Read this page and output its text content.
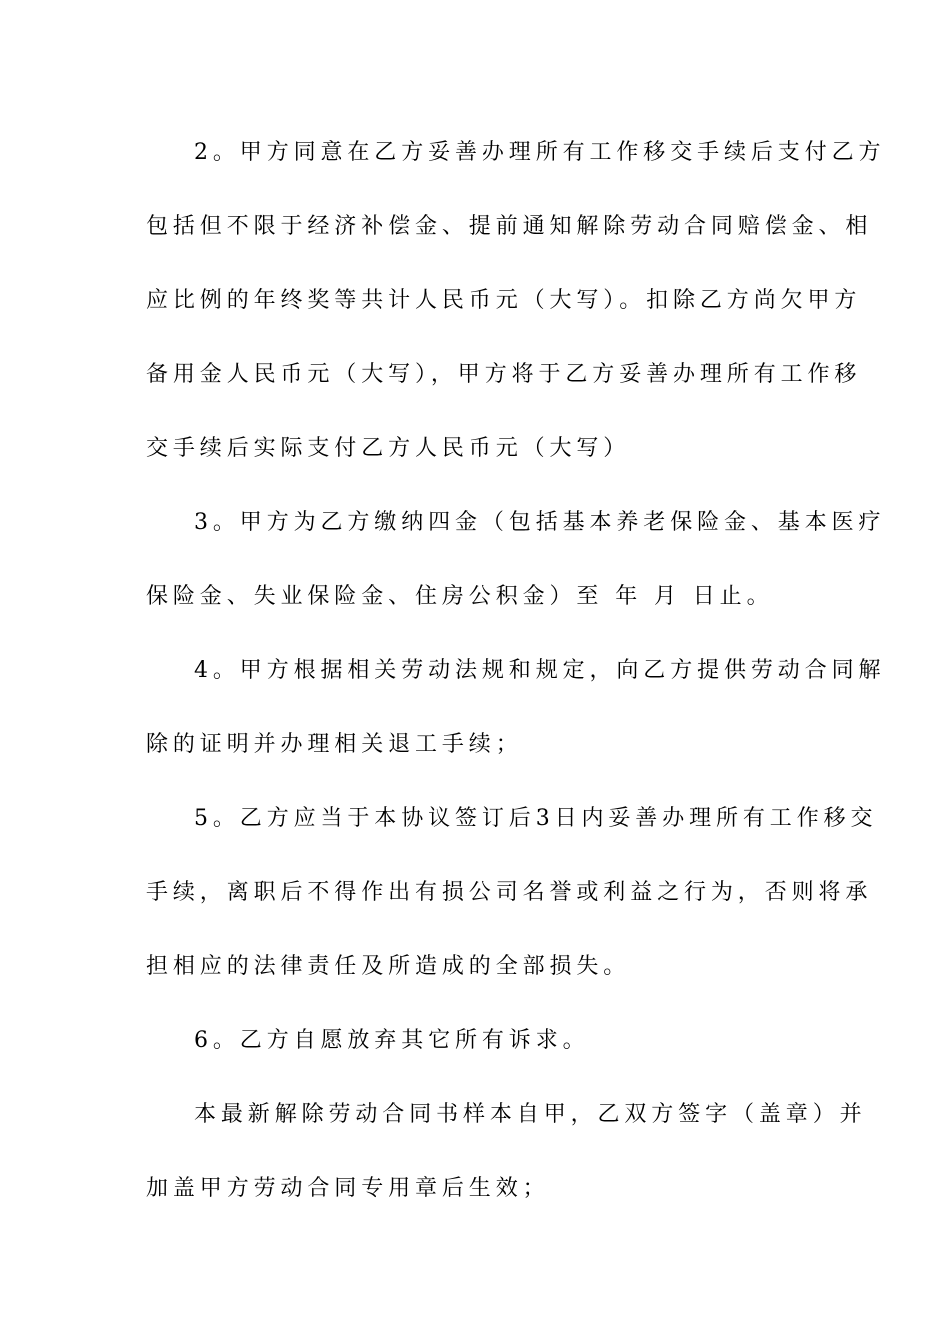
2。甲方同意在乙方妥善办理所有工作移交手续后支付乙方
包括但不限于经济补偿金、提前通知解除劳动合同赔偿金、相
应比例的年终奖等共计人民币元（大写）。扣除乙方尚欠甲方
备用金人民币元（大写），甲方将于乙方妥善办理所有工作移
交手续后实际支付乙方人民币元（大写）
3。甲方为乙方缴纳四金（包括基本养老保险金、基本医疗
保险金、失业保险金、住房公积金）至 年 月 日止。
4。甲方根据相关劳动法规和规定，向乙方提供劳动合同解
除的证明并办理相关退工手续；
5。乙方应当于本协议签订后3日内妥善办理所有工作移交
手续，离职后不得作出有损公司名誉或利益之行为，否则将承
担相应的法律责任及所造成的全部损失。
6。乙方自愿放弃其它所有诉求。
本最新解除劳动合同书样本自甲，乙双方签字（盖章）并
加盖甲方劳动合同专用章后生效；
